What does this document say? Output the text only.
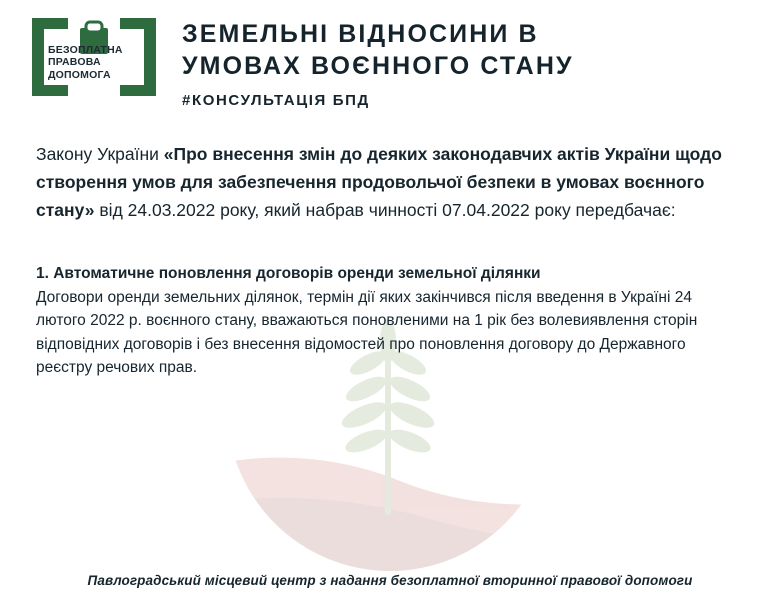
БЕЗОПЛАТНА
ПРАВОВА
ДОПОМОГА
ЗЕМЕЛЬНІ ВІДНОСИНИ В
УМОВАХ ВОЄННОГО СТАНУ
#КОНСУЛЬТАЦІЯ БПД

Закону України «Про внесення змін до деяких законодавчих актів України щодо створення умов для забезпечення продовольчої безпеки в умовах воєнного стану» від 24.03.2022 року, який набрав чинності 07.04.2022 року передбачає:

1. Автоматичне поновлення договорів оренди земельної ділянки
Договори оренди земельних ділянок, термін дії яких закінчився після введення в Україні 24 лютого 2022 р. воєнного стану, вважаються поновленими на 1 рік без волевиявлення сторін відповідних договорів і без внесення відомостей про поновлення договору до Державного реєстру речових прав.
Павлоградський місцевий центр з надання безоплатної вторинної правової допомоги
